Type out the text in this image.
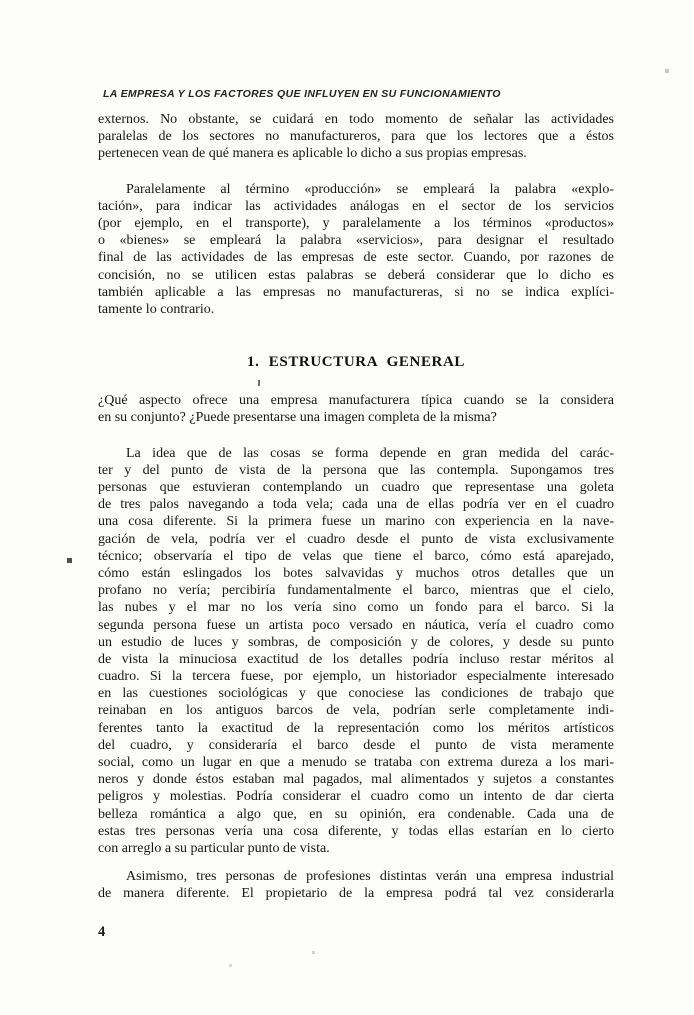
LA EMPRESA Y LOS FACTORES QUE INFLUYEN EN SU FUNCIONAMIENTO
externos. No obstante, se cuidará en todo momento de señalar las actividades
paralelas de los sectores no manufactureros, para que los lectores que a éstos
pertenecen vean de qué manera es aplicable lo dicho a sus propias empresas.
Paralelamente al término «producción» se empleará la palabra «explo-
tación», para indicar las actividades análogas en el sector de los servicios
(por ejemplo, en el transporte), y paralelamente a los términos «productos»
o «bienes» se empleará la palabra «servicios», para designar el resultado
final de las actividades de las empresas de este sector. Cuando, por razones de
concisión, no se utilicen estas palabras se deberá considerar que lo dicho es
también aplicable a las empresas no manufactureras, si no se indica explíci-
tamente lo contrario.
1. ESTRUCTURA GENERAL
¿Qué aspecto ofrece una empresa manufacturera típica cuando se la considera
en su conjunto? ¿Puede presentarse una imagen completa de la misma?
La idea que de las cosas se forma depende en gran medida del carác-
ter y del punto de vista de la persona que las contempla. Supongamos tres
personas que estuvieran contemplando un cuadro que representase una goleta
de tres palos navegando a toda vela; cada una de ellas podría ver en el cuadro
una cosa diferente. Si la primera fuese un marino con experiencia en la nave-
gación de vela, podría ver el cuadro desde el punto de vista exclusivamente
técnico; observaría el tipo de velas que tiene el barco, cómo está aparejado,
cómo están eslingados los botes salvavidas y muchos otros detalles que un
profano no vería; percibiría fundamentalmente el barco, mientras que el cielo,
las nubes y el mar no los vería sino como un fondo para el barco. Si la
segunda persona fuese un artista poco versado en náutica, vería el cuadro como
un estudio de luces y sombras, de composición y de colores, y desde su punto
de vista la minuciosa exactitud de los detalles podría incluso restar méritos al
cuadro. Si la tercera fuese, por ejemplo, un historiador especialmente interesado
en las cuestiones sociológicas y que conociese las condiciones de trabajo que
reinaban en los antiguos barcos de vela, podrían serle completamente indi-
ferentes tanto la exactitud de la representación como los méritos artísticos
del cuadro, y consideraría el barco desde el punto de vista meramente
social, como un lugar en que a menudo se trataba con extrema dureza a los mari-
neros y donde éstos estaban mal pagados, mal alimentados y sujetos a constantes
peligros y molestias. Podría considerar el cuadro como un intento de dar cierta
belleza romántica a algo que, en su opinión, era condenable. Cada una de
estas tres personas vería una cosa diferente, y todas ellas estarían en lo cierto
con arreglo a su particular punto de vista.
Asimismo, tres personas de profesiones distintas verán una empresa industrial
de manera diferente. El propietario de la empresa podrá tal vez considerarla
4
